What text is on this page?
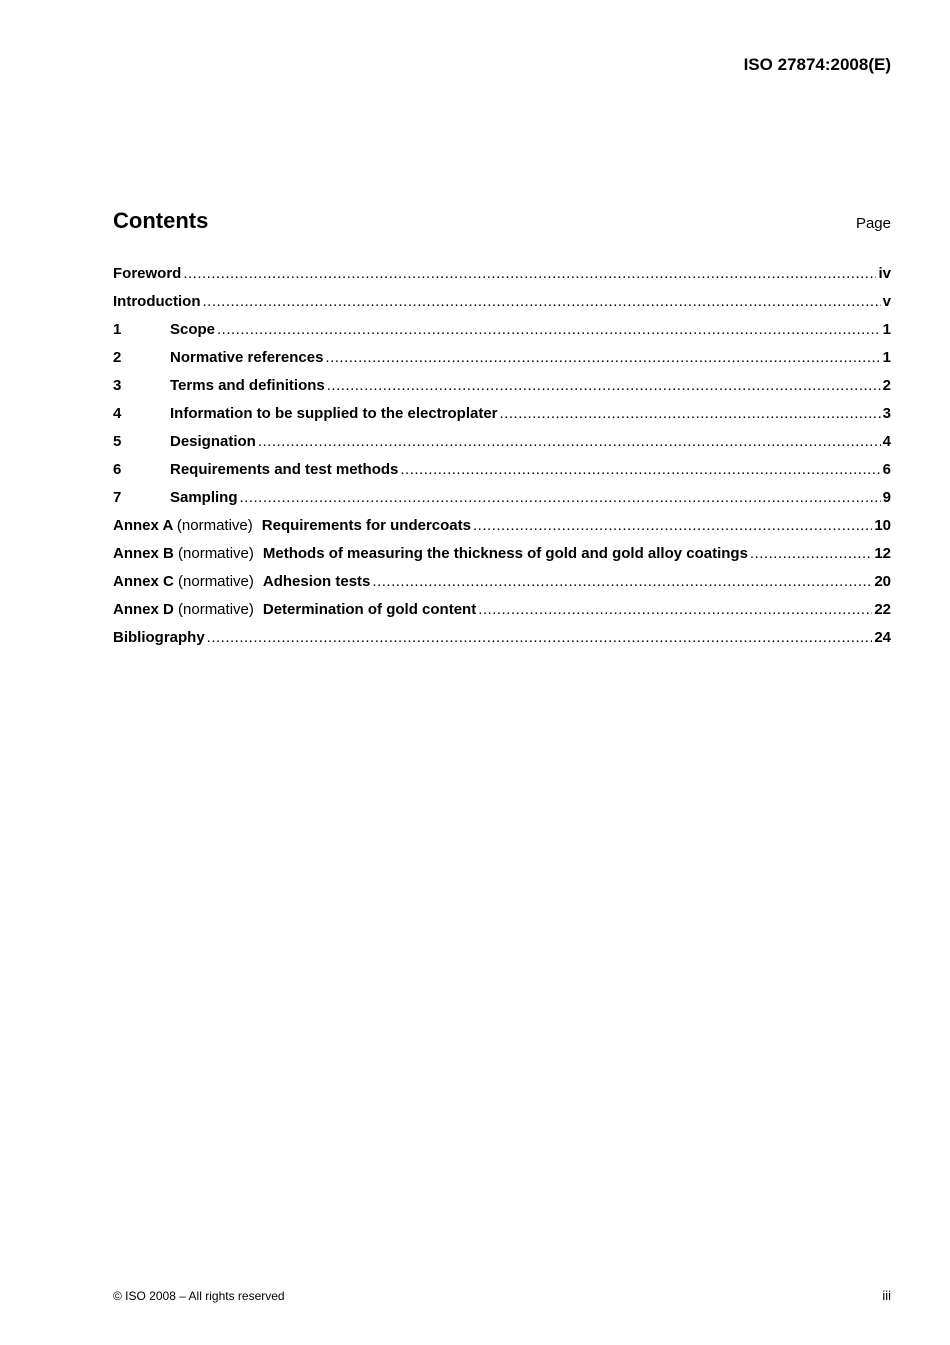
ISO 27874:2008(E)
Contents	Page
Foreword .....	iv
Introduction .....	v
1	Scope .....	1
2	Normative references .....	1
3	Terms and definitions .....	2
4	Information to be supplied to the electroplater .....	3
5	Designation .....	4
6	Requirements and test methods .....	6
7	Sampling .....	9
Annex A (normative) Requirements for undercoats .....	10
Annex B (normative) Methods of measuring the thickness of gold and gold alloy coatings .....	12
Annex C (normative) Adhesion tests .....	20
Annex D (normative) Determination of gold content .....	22
Bibliography .....	24
© ISO 2008 – All rights reserved	iii
